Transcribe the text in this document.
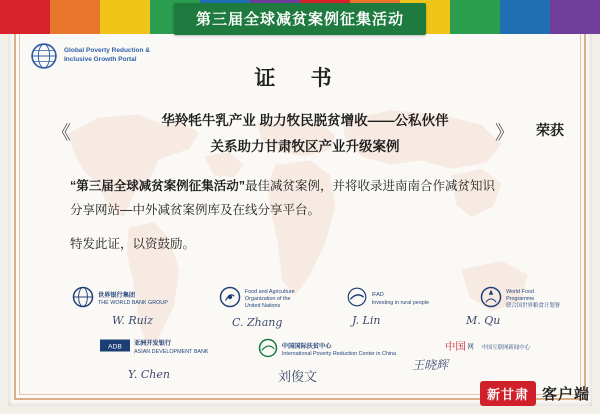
第三届全球减贫案例征集活动
Global Poverty Reduction &
Inclusive Growth Portal
证 书
《	》 荣获
华羚牦牛乳产业 助力牧民脱贫增收——公私伙伴
关系助力甘肃牧区产业升级案例
“第三届全球减贫案例征集活动”最佳减贫案例，并将收录进南南合作减贫知识
分享网站—中外减贫案例库及在线分享平台。
特发此证，以资鼓励。
世界银行集团
THE WORLD BANK GROUP
Food and Agriculture
Organization of the
United Nations
IFAD
Investing in rural people
World Food
Programme
联合国世界粮食计划署
W. Ruiz	C. Zhang	J. Lin	M. Qu
ADB 亚洲开发银行
ASIAN DEVELOPMENT BANK
中国国际扶贫中心
International Poverty Reduction Center in China
中国 网 中国互联网新闻中心
Y. Chen	刘俊文
王晓辉
新甘肃 客户端
